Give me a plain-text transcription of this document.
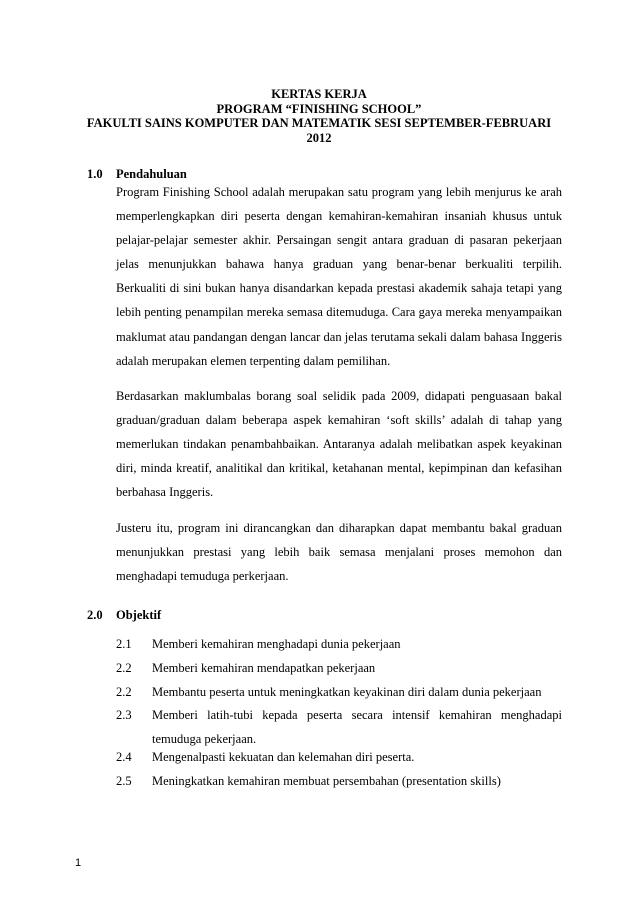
KERTAS KERJA
PROGRAM “FINISHING SCHOOL”
FAKULTI SAINS KOMPUTER DAN MATEMATIK SESI SEPTEMBER-FEBRUARI
2012
1.0 Pendahuluan
Program Finishing School adalah merupakan satu program yang lebih menjurus ke arah memperlengkapkan diri peserta dengan kemahiran-kemahiran insaniah khusus untuk pelajar-pelajar semester akhir. Persaingan sengit antara graduan di pasaran pekerjaan jelas menunjukkan bahawa hanya graduan yang benar-benar berkualiti terpilih. Berkualiti di sini bukan hanya disandarkan kepada prestasi akademik sahaja tetapi yang lebih penting penampilan mereka semasa ditemuduga. Cara gaya mereka menyampaikan maklumat atau pandangan dengan lancar dan jelas terutama sekali dalam bahasa Inggeris adalah merupakan elemen terpenting dalam pemilihan.
Berdasarkan maklumbalas borang soal selidik pada 2009, didapati penguasaan bakal graduan/graduan dalam beberapa aspek kemahiran ‘soft skills’ adalah di tahap yang memerlukan tindakan penambahbaikan. Antaranya adalah melibatkan aspek keyakinan diri, minda kreatif, analitikal dan kritikal, ketahanan mental, kepimpinan dan kefasihan berbahasa Inggeris.
Justeru itu, program ini dirancangkan dan diharapkan dapat membantu bakal graduan menunjukkan prestasi yang lebih baik semasa menjalani proses memohon dan menghadapi temuduga perkerjaan.
2.0 Objektif
2.1 Memberi kemahiran menghadapi dunia pekerjaan
2.2 Memberi kemahiran mendapatkan pekerjaan
2.2 Membantu peserta untuk meningkatkan keyakinan diri dalam dunia pekerjaan
2.3 Memberi latih-tubi kepada peserta secara intensif kemahiran menghadapi temuduga pekerjaan.
2.4 Mengenalpasti kekuatan dan kelemahan diri peserta.
2.5 Meningkatkan kemahiran membuat persembahan (presentation skills)
1
